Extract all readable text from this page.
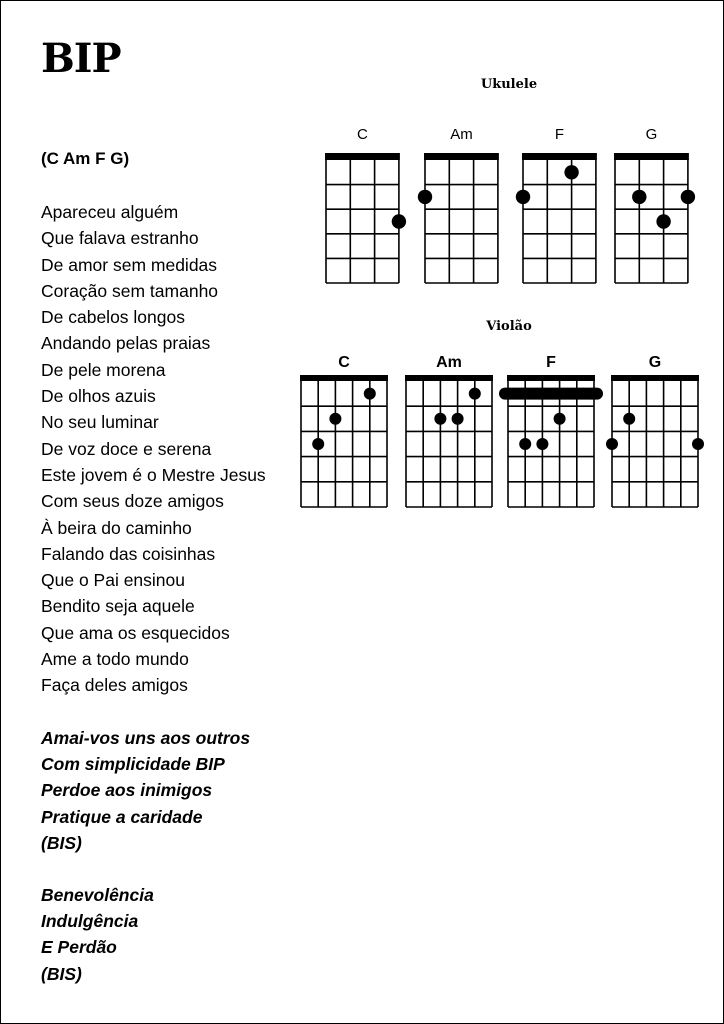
BIP
(C Am F G)
Apareceu alguém
Que falava estranho
De amor sem medidas
Coração sem tamanho
De cabelos longos
Andando pelas praias
De pele morena
De olhos azuis
No seu luminar
De voz doce e serena
Este jovem é o Mestre Jesus
Com seus doze amigos
À beira do caminho
Falando das coisinhas
Que o Pai ensinou
Bendito seja aquele
Que ama os esquecidos
Ame a todo mundo
Faça deles amigos
Amai-vos uns aos outros
Com simplicidade BIP
Perdoe aos inimigos
Pratique a caridade
(BIS)
Benevolência
Indulgência
E Perdão
(BIS)
Ukulele
C	Am	F	G
Violão
C	Am	F	G
